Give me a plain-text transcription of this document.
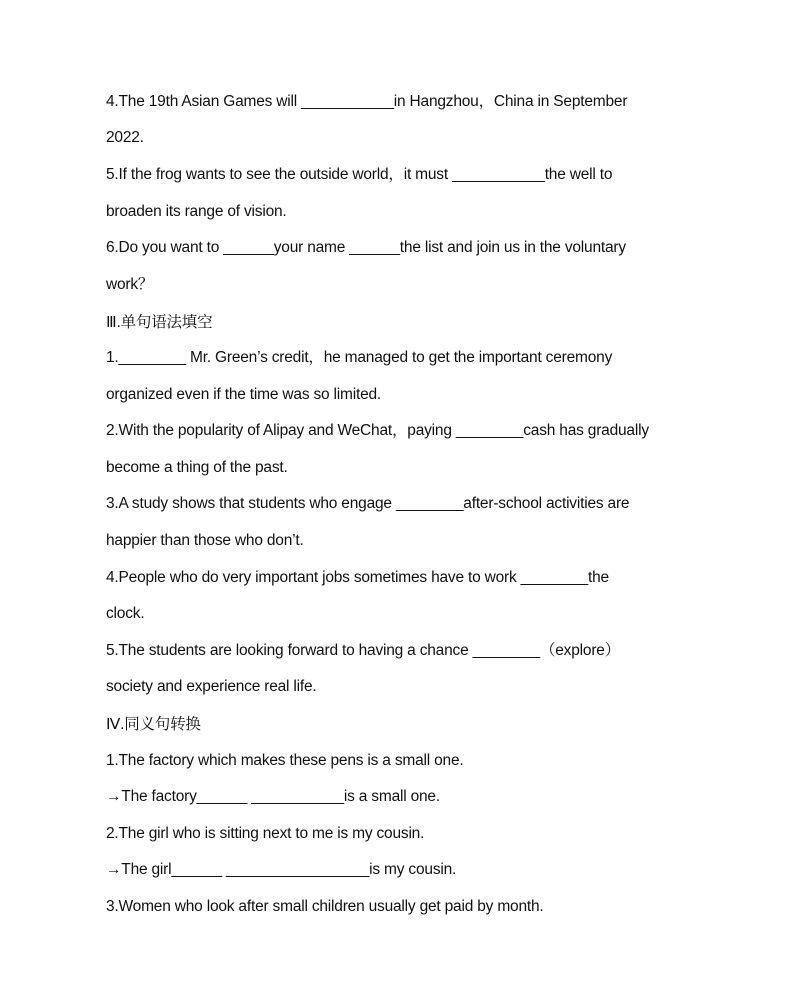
4.The 19th Asian Games will ___________in Hangzhou，China in September
2022.
5.If the frog wants to see the outside world，it must ___________the well to
broaden its range of vision.
6.Do you want to ______your name ______the list and join us in the voluntary
work？
Ⅲ.单句语法填空
1.________ Mr. Green’s credit，he managed to get the important ceremony
organized even if the time was so limited.
2.With the popularity of Alipay and WeChat，paying ________cash has gradually
become a thing of the past.
3.A study shows that students who engage ________after-school activities are
happier than those who don’t.
4.People who do very important jobs sometimes have to work ________the
clock.
5.The students are looking forward to having a chance ________（explore）
society and experience real life.
Ⅳ.同义句转换
1.The factory which makes these pens is a small one.
→The factory______ ___________is a small one.
2.The girl who is sitting next to me is my cousin.
→The girl______ _________________is my cousin.
3.Women who look after small children usually get paid by month.
